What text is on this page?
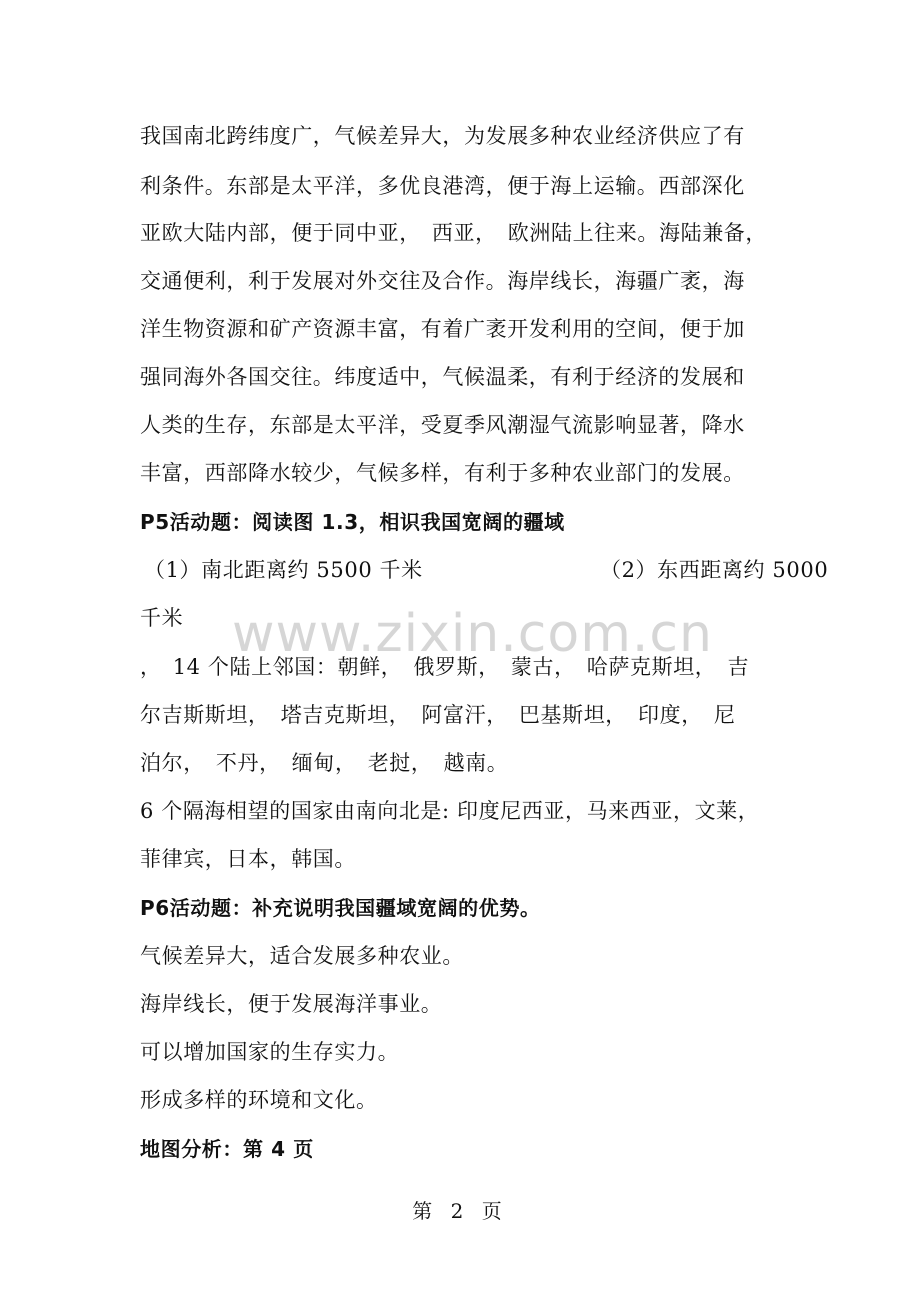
www.zixin.com.cn
我国南北跨纬度广，气候差异大，为发展多种农业经济供应了有
利条件。东部是太平洋，多优良港湾，便于海上运输。西部深化
亚欧大陆内部，便于同中亚，　西亚，　欧洲陆上往来。海陆兼备，
交通便利，利于发展对外交往及合作。海岸线长，海疆广袤，海
洋生物资源和矿产资源丰富，有着广袤开发利用的空间，便于加
强同海外各国交往。纬度适中，气候温柔，有利于经济的发展和
人类的生存，东部是太平洋，受夏季风潮湿气流影响显著，降水
丰富，西部降水较少，气候多样，有利于多种农业部门的发展。
P5活动题：阅读图 1.3，相识我国宽阔的疆域
（1）南北距离约 5500 千米	（2）东西距离约 5000
千米
，　14 个陆上邻国：朝鲜，　俄罗斯，　蒙古，　哈萨克斯坦，　吉
尔吉斯斯坦，　塔吉克斯坦，　阿富汗，　巴基斯坦，　印度，　尼
泊尔，　不丹，　缅甸，　老挝，　越南。
6 个隔海相望的国家由南向北是: 印度尼西亚，马来西亚，文莱，
菲律宾，日本，韩国。
P6活动题：补充说明我国疆域宽阔的优势。
气候差异大，适合发展多种农业。
海岸线长，便于发展海洋事业。
可以增加国家的生存实力。
形成多样的环境和文化。
地图分析：第 4 页
第 2 页
